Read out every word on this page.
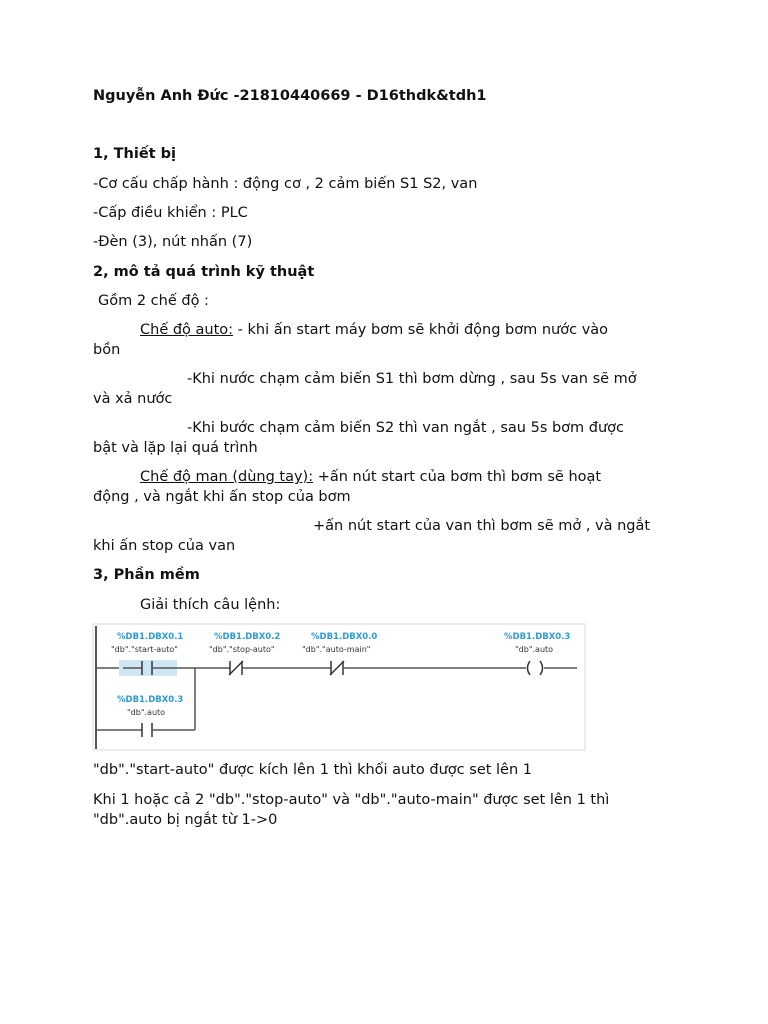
Nguyễn Anh Đức -21810440669 - D16thdk&tdh1
1, Thiết bị
-Cơ cấu chấp hành : động cơ , 2 cảm biến S1 S2, van
-Cấp điều khiển : PLC
-Đèn (3), nút nhấn (7)
2, mô tả quá trình kỹ thuật
Gồm 2 chế độ :
Chế độ auto: - khi ấn start máy bơm sẽ khởi động bơm nước vào
bồn
-Khi nước chạm cảm biến S1 thì bơm dừng , sau 5s van sẽ mở
và xả nước
-Khi bước chạm cảm biến S2 thì van ngắt , sau 5s bơm được
bật và lặp lại quá trình
Chế độ man (dùng tay): +ấn nút start của bơm thì bơm sẽ hoạt
động , và ngắt khi ấn stop của bơm
+ấn nút start của van thì bơm sẽ mở , và ngắt
khi ấn stop của van
3, Phần mềm
Giải thích câu lệnh:
%DB1.DBX0.1
"db"."start-auto"
%DB1.DBX0.2
"db"."stop-auto"
%DB1.DBX0.0
"db"."auto-main"
%DB1.DBX0.3
"db".auto
%DB1.DBX0.3
"db".auto
"db"."start-auto" được kích lên 1 thì khối auto được set lên 1
Khi 1 hoặc cả 2 "db"."stop-auto" và "db"."auto-main" được set lên 1 thì
"db".auto bị ngắt từ 1->0
